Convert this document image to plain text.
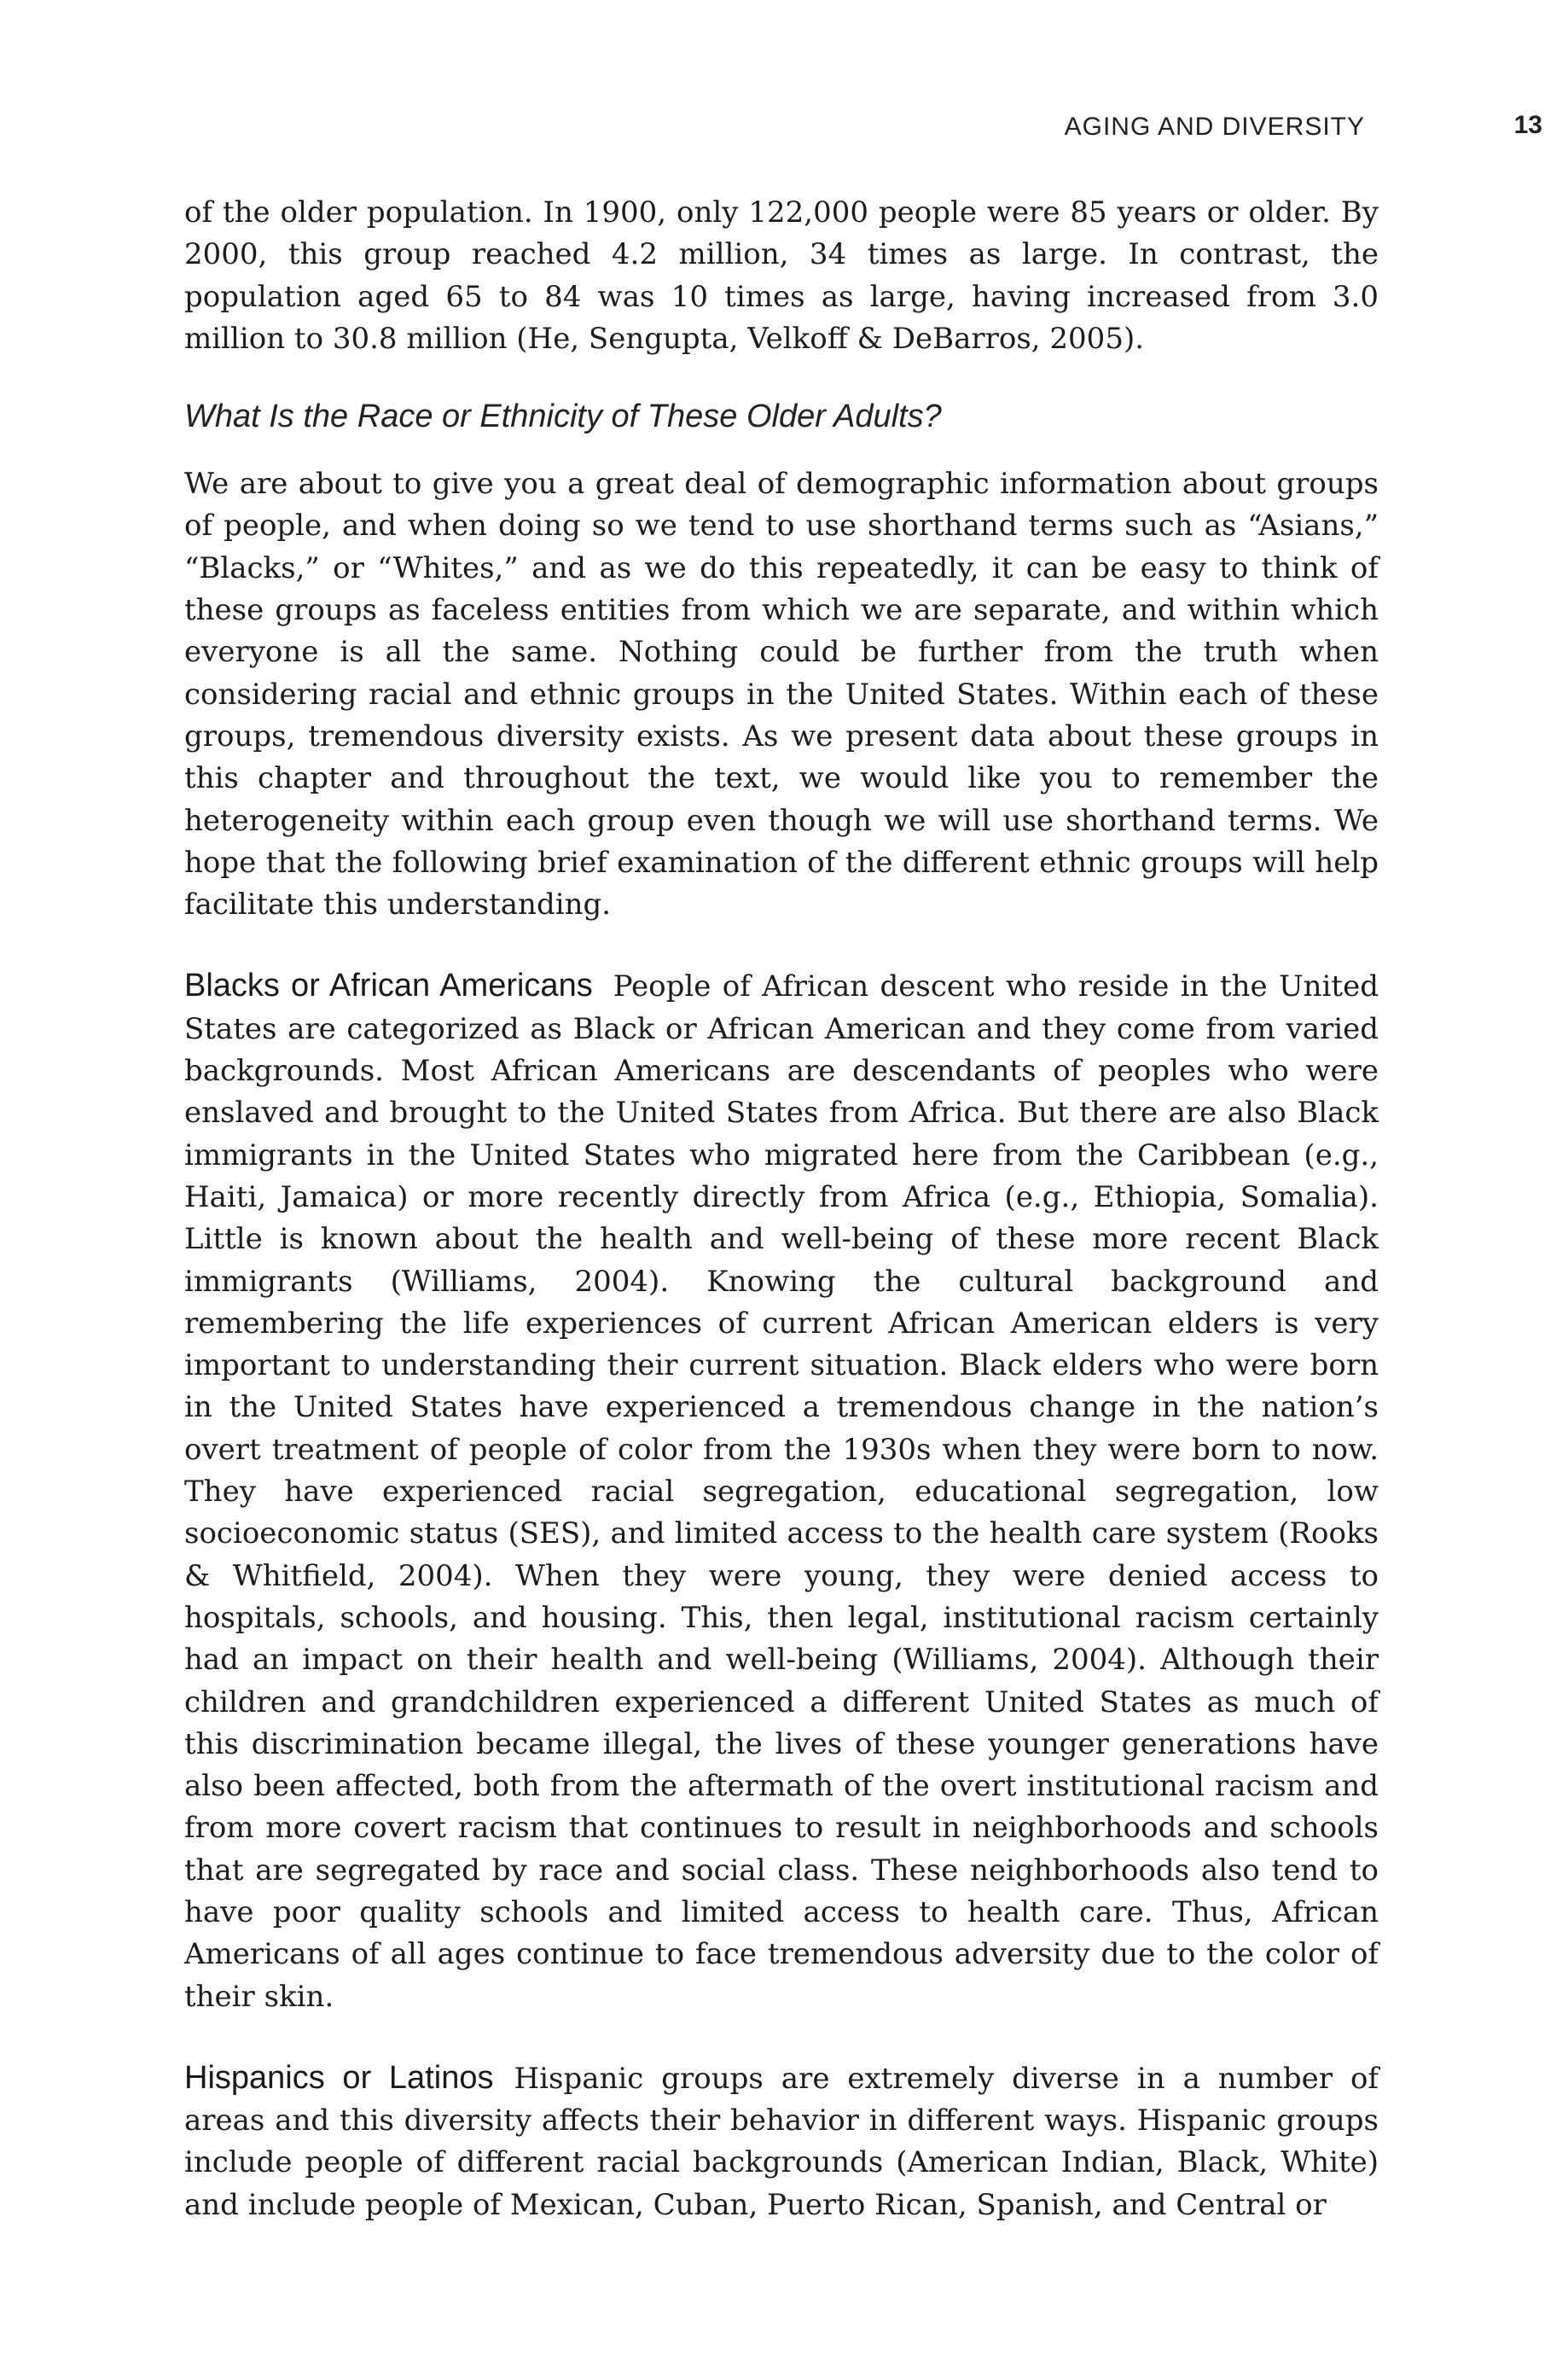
AGING AND DIVERSITY	13

of the older population. In 1900, only 122,000 people were 85 years or older. By 2000, this group reached 4.2 million, 34 times as large. In contrast, the population aged 65 to 84 was 10 times as large, having increased from 3.0 million to 30.8 million (He, Sengupta, Velkoff & DeBarros, 2005).

What Is the Race or Ethnicity of These Older Adults?

We are about to give you a great deal of demographic information about groups of people, and when doing so we tend to use shorthand terms such as “Asians,” “Blacks,” or “Whites,” and as we do this repeatedly, it can be easy to think of these groups as faceless entities from which we are separate, and within which everyone is all the same. Nothing could be further from the truth when considering racial and ethnic groups in the United States. Within each of these groups, tremendous diversity exists. As we present data about these groups in this chapter and throughout the text, we would like you to remember the heterogeneity within each group even though we will use shorthand terms. We hope that the following brief examination of the different ethnic groups will help facilitate this understanding.

Blacks or African Americans People of African descent who reside in the United States are categorized as Black or African American and they come from varied backgrounds. Most African Americans are descendants of peoples who were enslaved and brought to the United States from Africa. But there are also Black immigrants in the United States who migrated here from the Caribbean (e.g., Haiti, Jamaica) or more recently directly from Africa (e.g., Ethiopia, Somalia). Little is known about the health and well-being of these more recent Black immigrants (Williams, 2004). Knowing the cultural background and remembering the life experiences of current African American elders is very important to understanding their current situation. Black elders who were born in the United States have experienced a tremendous change in the nation’s overt treatment of people of color from the 1930s when they were born to now. They have experienced racial segregation, educational segregation, low socioeconomic status (SES), and limited access to the health care system (Rooks & Whitfield, 2004). When they were young, they were denied access to hospitals, schools, and housing. This, then legal, institutional racism certainly had an impact on their health and well-being (Williams, 2004). Although their children and grandchildren experienced a different United States as much of this discrimination became illegal, the lives of these younger generations have also been affected, both from the aftermath of the overt institutional racism and from more covert racism that continues to result in neighborhoods and schools that are segregated by race and social class. These neighborhoods also tend to have poor quality schools and limited access to health care. Thus, African Americans of all ages continue to face tremendous adversity due to the color of their skin.

Hispanics or Latinos Hispanic groups are extremely diverse in a number of areas and this diversity affects their behavior in different ways. Hispanic groups include people of different racial backgrounds (American Indian, Black, White) and include people of Mexican, Cuban, Puerto Rican, Spanish, and Central or
